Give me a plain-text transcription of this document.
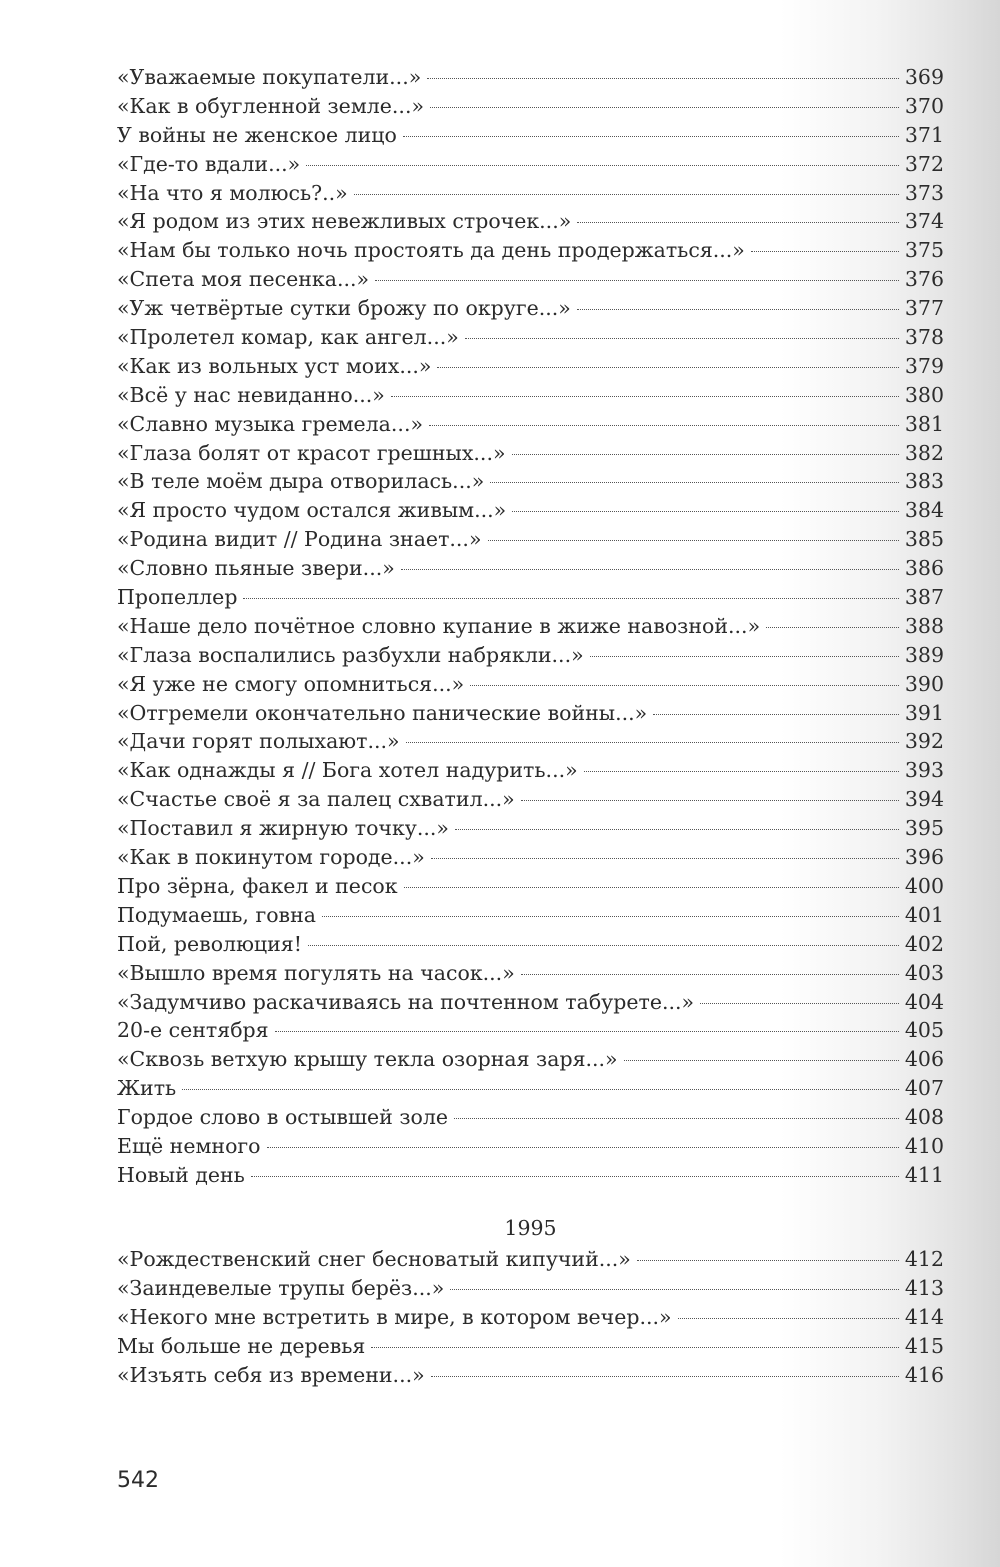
«Уважаемые покупатели...»	369
«Как в обугленной земле...»	370
У войны не женское лицо	371
«Где-то вдали...»	372
«На что я молюсь?..»	373
«Я родом из этих невежливых строчек...»	374
«Нам бы только ночь простоять да день продержаться...»	375
«Спета моя песенка...»	376
«Уж четвёртые сутки брожу по округе...»	377
«Пролетел комар, как ангел...»	378
«Как из вольных уст моих...»	379
«Всё у нас невиданно...»	380
«Славно музыка гремела...»	381
«Глаза болят от красот грешных...»	382
«В теле моём дыра отворилась...»	383
«Я просто чудом остался живым...»	384
«Родина видит // Родина знает...»	385
«Словно пьяные звери...»	386
Пропеллер	387
«Наше дело почётное словно купание в жиже навозной...»	388
«Глаза воспалились разбухли набрякли...»	389
«Я уже не смогу опомниться...»	390
«Отгремели окончательно панические войны...»	391
«Дачи горят полыхают...»	392
«Как однажды я // Бога хотел надурить...»	393
«Счастье своё я за палец схватил...»	394
«Поставил я жирную точку...»	395
«Как в покинутом городе...»	396
Про зёрна, факел и песок	400
Подумаешь, говна	401
Пой, революция!	402
«Вышло время погулять на часок...»	403
«Задумчиво раскачиваясь на почтенном табурете...»	404
20-е сентября	405
«Сквозь ветхую крышу текла озорная заря...»	406
Жить	407
Гордое слово в остывшей золе	408
Ещё немного	410
Новый день	411
1995
«Рождественский снег бесноватый кипучий...»	412
«Заиндевелые трупы берёз...»	413
«Некого мне встретить в мире, в котором вечер...»	414
Мы больше не деревья	415
«Изъять себя из времени...»	416
542
